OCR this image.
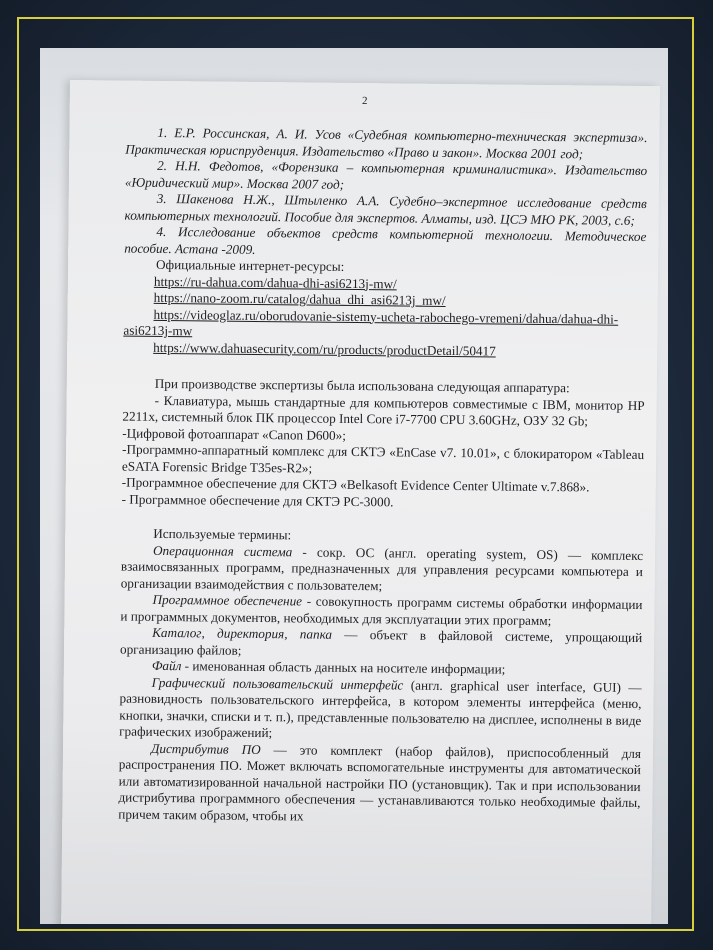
2

1. Е.Р. Россинская, А. И. Усов «Судебная компьютерно-техническая экспертиза». Практическая юриспруденция. Издательство «Право и закон». Москва 2001 год;

2. Н.Н. Федотов, «Форензика – компьютерная криминалистика». Издательство «Юридический мир». Москва 2007 год;

3. Шакенова Н.Ж., Штыленко А.А. Судебно–экспертное исследование средств компьютерных технологий. Пособие для экспертов. Алматы, изд. ЦСЭ МЮ РК, 2003, с.6;

4. Исследование объектов средств компьютерной технологии. Методическое пособие. Астана -2009.

Официальные интернет-ресурсы:

https://ru-dahua.com/dahua-dhi-asi6213j-mw/
https://nano-zoom.ru/catalog/dahua_dhi_asi6213j_mw/
https://videoglaz.ru/oborudovanie-sistemy-ucheta-rabochego-vremeni/dahua/dahua-dhi-asi6213j-mw
https://www.dahuasecurity.com/ru/products/productDetail/50417

При производстве экспертизы была использована следующая аппаратура:

- Клавиатура, мышь стандартные для компьютеров совместимые с IBM, монитор HP 2211x, системный блок ПК процессор Intel Core i7-7700 CPU 3.60GHz, ОЗУ 32 Gb;

-Цифровой фотоаппарат «Canon D600»;

-Программно-аппаратный комплекс для СКТЭ «EnCase v7. 10.01», с блокиратором «Tableau eSATA Forensic Bridge T35es-R2»;

-Программное обеспечение для СКТЭ «Belkasoft Evidence Center Ultimate v.7.868».

- Программное обеспечение для СКТЭ PC-3000.

Используемые термины:

Операционная система - сокр. ОС (англ. operating system, OS) — комплекс взаимосвязанных программ, предназначенных для управления ресурсами компьютера и организации взаимодействия с пользователем;

Программное обеспечение - совокупность программ системы обработки информации и программных документов, необходимых для эксплуатации этих программ;

Каталог, директория, папка — объект в файловой системе, упрощающий организацию файлов;

Файл - именованная область данных на носителе информации;

Графический пользовательский интерфейс (англ. graphical user interface, GUI) — разновидность пользовательского интерфейса, в котором элементы интерфейса (меню, кнопки, значки, списки и т. п.), представленные пользователю на дисплее, исполнены в виде графических изображений;

Дистрибутив ПО — это комплект (набор файлов), приспособленный для распространения ПО. Может включать вспомогательные инструменты для автоматической или автоматизированной начальной настройки ПО (установщик). Так и при использовании дистрибутива программного обеспечения — устанавливаются только необходимые файлы, причем таким образом, чтобы их
